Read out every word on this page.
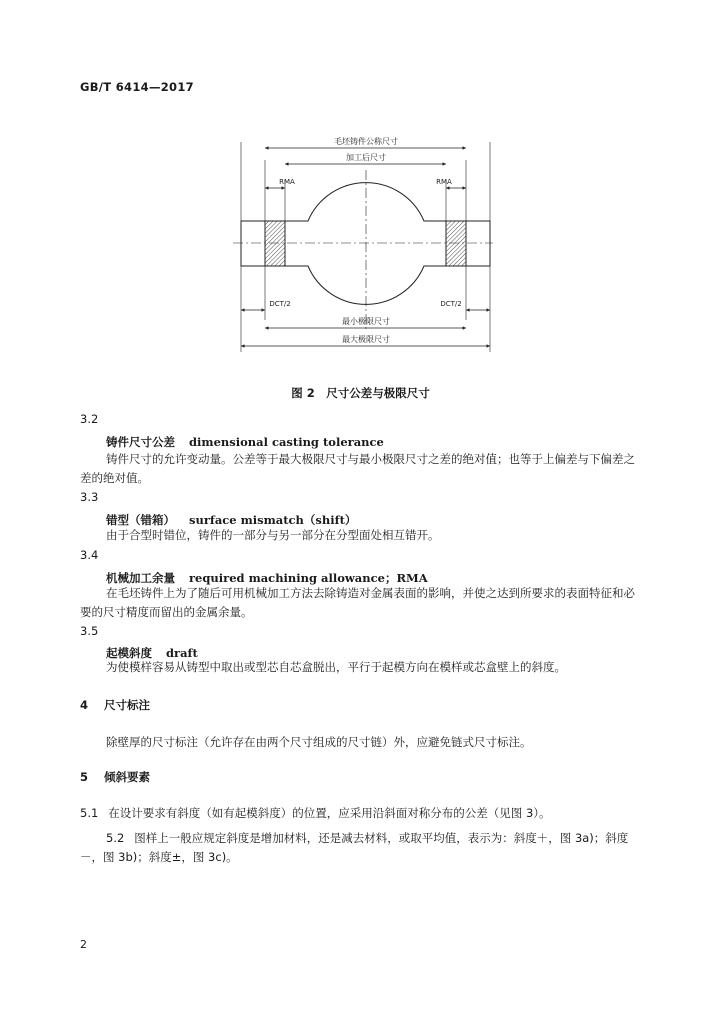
GB/T 6414—2017
毛坯铸件公称尺寸
加工后尺寸
RMA	RMA
DCT/2	DCT/2
最小极限尺寸
最大极限尺寸
图 2　尺寸公差与极限尺寸
3.2
铸件尺寸公差 dimensional casting tolerance
铸件尺寸的允许变动量。公差等于最大极限尺寸与最小极限尺寸之差的绝对值；也等于上偏差与下偏差之差的绝对值。
3.3
错型（错箱） surface mismatch（shift）
由于合型时错位，铸件的一部分与另一部分在分型面处相互错开。
3.4
机械加工余量 required machining allowance；RMA
在毛坯铸件上为了随后可用机械加工方法去除铸造对金属表面的影响，并使之达到所要求的表面特征和必要的尺寸精度而留出的金属余量。
3.5
起模斜度 draft
为使模样容易从铸型中取出或型芯自芯盒脱出，平行于起模方向在模样或芯盒壁上的斜度。
4 尺寸标注
除壁厚的尺寸标注（允许存在由两个尺寸组成的尺寸链）外，应避免链式尺寸标注。
5 倾斜要素
5.1 在设计要求有斜度（如有起模斜度）的位置，应采用沿斜面对称分布的公差（见图 3）。
5.2 图样上一般应规定斜度是增加材料，还是减去材料，或取平均值，表示为：斜度＋，图 3a)；斜度－，图 3b)；斜度±，图 3c)。
2
